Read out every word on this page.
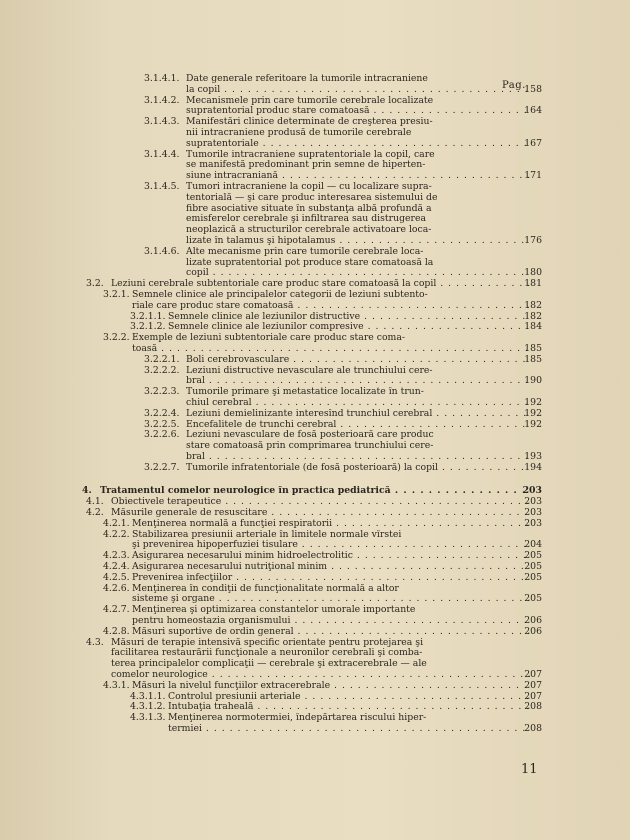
Pag.
3.1.4.1. Date generale referitoare la tumorile intracraniene
la copil . . .	158
3.1.4.2. Mecanismele prin care tumorile cerebrale localizate
supratentorial produc stare comatoasă . . .	164
3.1.4.3. Manifestări clinice determinate de creşterea presiu-
nii intracraniene produsă de tumorile cerebrale
supratentoriale . . .	167
3.1.4.4. Tumorile intracraniene supratentoriale la copil, care
se manifestă predominant prin semne de hiperten-
siune intracraniană . . .	171
3.1.4.5. Tumori intracraniene la copil — cu localizare supra-
tentorială — şi care produc interesarea sistemului de
fibre asociative situate în substanţa albă profundă a
emisferelor cerebrale şi infiltrarea sau distrugerea
neoplazică a structurilor cerebrale activatoare loca-
lizate în talamus şi hipotalamus . . .	176
3.1.4.6. Alte mecanisme prin care tumorile cerebrale loca-
lizate supratentorial pot produce stare comatoasă la
copil . . .	180
3.2. Leziuni cerebrale subtentoriale care produc stare comatoasă la copil . . .	181
3.2.1. Semnele clinice ale principalelor categorii de leziuni subtento-
riale care produc stare comatoasă . . .	182
3.2.1.1. Semnele clinice ale leziunilor distructive . . .	182
3.2.1.2. Semnele clinice ale leziunilor compresive . . .	184
3.2.2. Exemple de leziuni subtentoriale care produc stare coma-
toasă . . .	185
3.2.2.1. Boli cerebrovasculare . . .	185
3.2.2.2. Leziuni distructive nevasculare ale trunchiului cere-
bral . . .	190
3.2.2.3. Tumorile primare şi metastatice localizate în trun-
chiul cerebral . . .	192
3.2.2.4. Leziuni demielinizante interesînd trunchiul cerebral . . .	192
3.2.2.5. Encefalitele de trunchi cerebral . . .	192
3.2.2.6. Leziuni nevasculare de fosă posterioară care produc
stare comatoasă prin comprimarea trunchiului cere-
bral . . .	193
3.2.2.7. Tumorile infratentoriale (de fosă posterioară) la copil . . .	194
4. Tratamentul comelor neurologice în practica pediatrică . . .	203
4.1. Obiectivele terapeutice . . .	203
4.2. Măsurile generale de resuscitare . . .	203
4.2.1. Menţinerea normală a funcţiei respiratorii . . .	203
4.2.2. Stabilizarea presiunii arteriale în limitele normale vîrstei
şi prevenirea hipoperfuziei tisulare . . .	204
4.2.3. Asigurarea necesarului minim hidroelectrolitic . . .	205
4.2.4. Asigurarea necesarului nutriţional minim . . .	205
4.2.5. Prevenirea infecţiilor . . .	205
4.2.6. Menţinerea în condiţii de funcţionalitate normală a altor
sisteme şi organe . . .	205
4.2.7. Menţinerea şi optimizarea constantelor umorale importante
pentru homeostazia organismului . . .	206
4.2.8. Măsuri suportive de ordin general . . .	206
4.3. Măsuri de terapie intensivă specific orientate pentru protejarea şi
facilitarea restaurării funcţionale a neuronilor cerebrali şi comba-
terea principalelor complicaţii — cerebrale şi extracerebrale — ale
comelor neurologice . . .	207
4.3.1. Măsuri la nivelul funcţiilor extracerebrale . . .	207
4.3.1.1. Controlul presiunii arteriale . . .	207
4.3.1.2. Intubaţia traheală . . .	208
4.3.1.3. Menţinerea normotermiei, îndepărtarea riscului hiper-
termiei . . .	208
11
